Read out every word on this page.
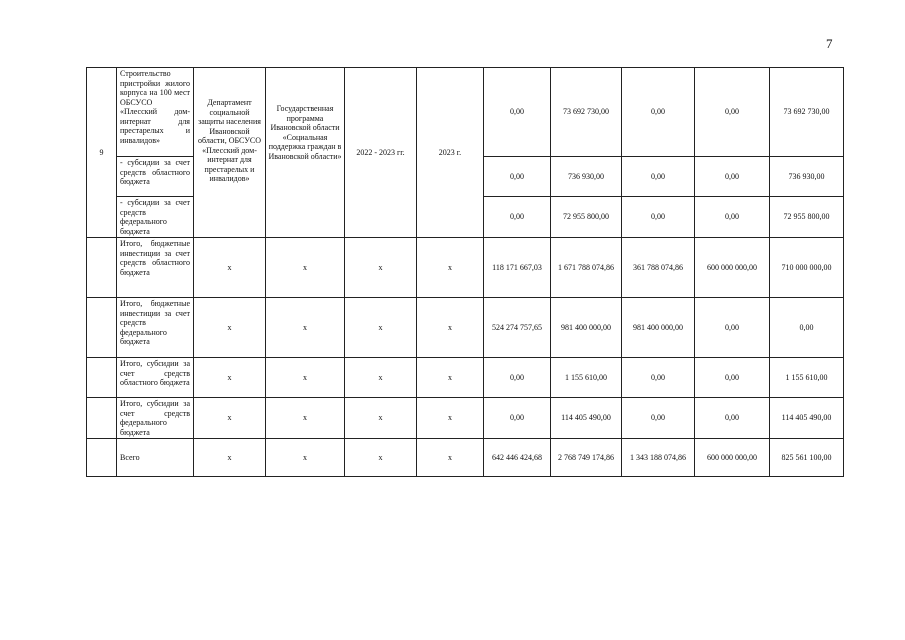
7
9	Строительство пристройки жилого корпуса на 100 мест ОБСУСО «Плесский дом-интернат для престарелых и инвалидов»	Департамент социальной защиты населения Ивановской области, ОБСУСО «Плесский дом-интернат для престарелых и инвалидов»	Государственная программа Ивановской области «Социальная поддержка граждан в Ивановской области»	2022 - 2023 гг.	2023 г.	0,00	73 692 730,00	0,00	0,00	73 692 730,00
	- субсидии за счет средств областного бюджета					0,00	736 930,00	0,00	0,00	736 930,00
	- субсидии за счет средств федерального бюджета					0,00	72 955 800,00	0,00	0,00	72 955 800,00
	Итого, бюджетные инвестиции за счет средств областного бюджета	х	х	х	х	118 171 667,03	1 671 788 074,86	361 788 074,86	600 000 000,00	710 000 000,00
	Итого, бюджетные инвестиции за счет средств федерального бюджета	х	х	х	х	524 274 757,65	981 400 000,00	981 400 000,00	0,00	0,00
	Итого, субсидии за счет средств областного бюджета	х	х	х	х	0,00	1 155 610,00	0,00	0,00	1 155 610,00
	Итого, субсидии за счет средств федерального бюджета	х	х	х	х	0,00	114 405 490,00	0,00	0,00	114 405 490,00
	Всего	х	х	х	х	642 446 424,68	2 768 749 174,86	1 343 188 074,86	600 000 000,00	825 561 100,00
